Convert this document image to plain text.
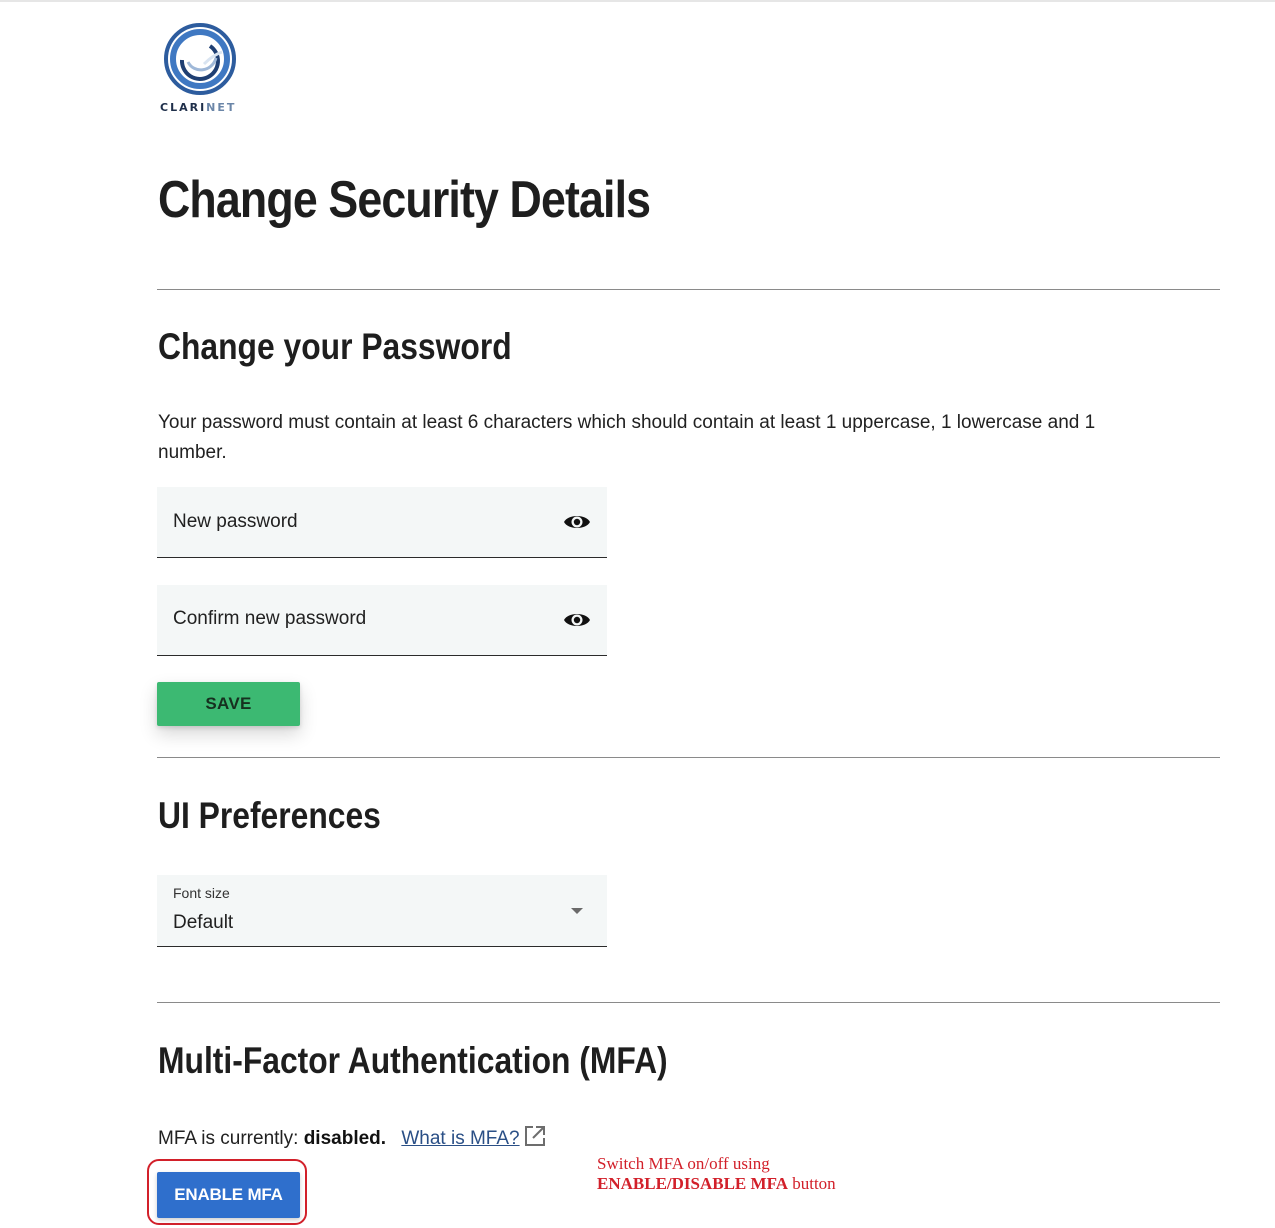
CLARINET
Change Security Details
Change your Password
Your password must contain at least 6 characters which should contain at least 1 uppercase, 1 lowercase and 1 number.
New password
Confirm new password
SAVE
UI Preferences
Font size
Default
Multi-Factor Authentication (MFA)
MFA is currently: disabled. What is MFA?
ENABLE MFA
Switch MFA on/off using
ENABLE/DISABLE MFA button
